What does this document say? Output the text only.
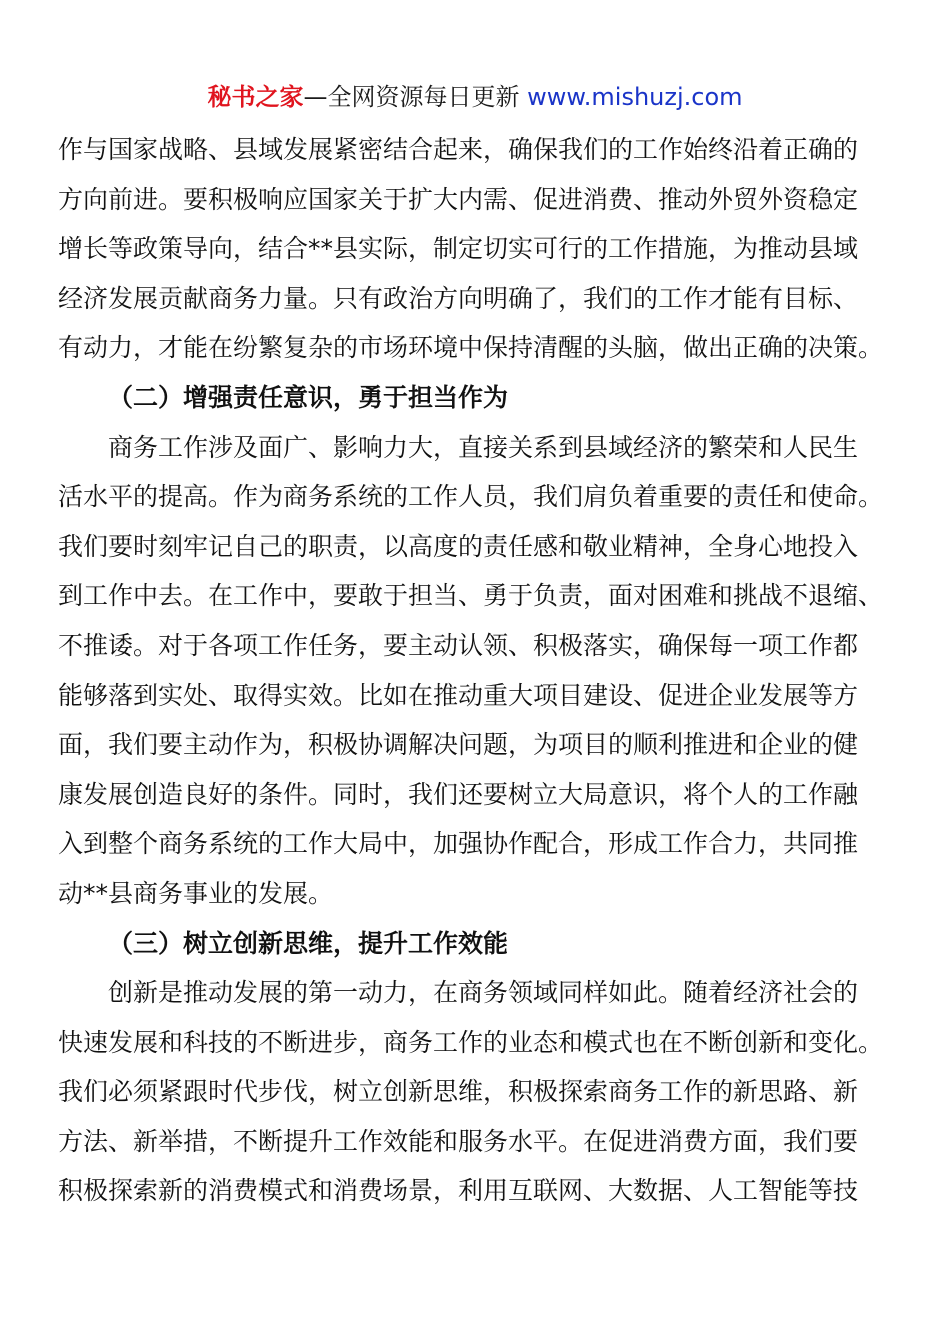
秘书之家—全网资源每日更新 www.mishuzj.com
作与国家战略、县域发展紧密结合起来，确保我们的工作始终沿着正确的
方向前进。要积极响应国家关于扩大内需、促进消费、推动外贸外资稳定
增长等政策导向，结合**县实际，制定切实可行的工作措施，为推动县域
经济发展贡献商务力量。只有政治方向明确了，我们的工作才能有目标、
有动力，才能在纷繁复杂的市场环境中保持清醒的头脑，做出正确的决策。
（二）增强责任意识，勇于担当作为
商务工作涉及面广、影响力大，直接关系到县域经济的繁荣和人民生
活水平的提高。作为商务系统的工作人员，我们肩负着重要的责任和使命。
我们要时刻牢记自己的职责，以高度的责任感和敬业精神，全身心地投入
到工作中去。在工作中，要敢于担当、勇于负责，面对困难和挑战不退缩、
不推诿。对于各项工作任务，要主动认领、积极落实，确保每一项工作都
能够落到实处、取得实效。比如在推动重大项目建设、促进企业发展等方
面，我们要主动作为，积极协调解决问题，为项目的顺利推进和企业的健
康发展创造良好的条件。同时，我们还要树立大局意识，将个人的工作融
入到整个商务系统的工作大局中，加强协作配合，形成工作合力，共同推
动**县商务事业的发展。
（三）树立创新思维，提升工作效能
创新是推动发展的第一动力，在商务领域同样如此。随着经济社会的
快速发展和科技的不断进步，商务工作的业态和模式也在不断创新和变化。
我们必须紧跟时代步伐，树立创新思维，积极探索商务工作的新思路、新
方法、新举措，不断提升工作效能和服务水平。在促进消费方面，我们要
积极探索新的消费模式和消费场景，利用互联网、大数据、人工智能等技
